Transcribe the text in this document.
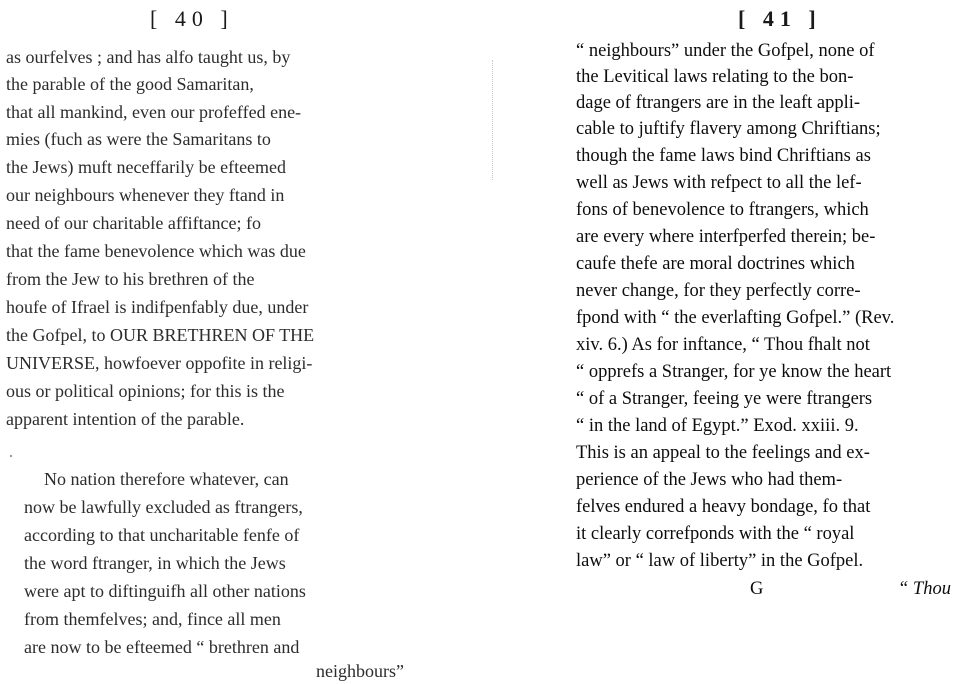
[ 40 ]
as ourfelves ; and has alfo taught us, by
the parable of the good Samaritan,
that all mankind, even our profeffed ene-
mies (fuch as were the Samaritans to
the Jews) muft neceffarily be efteemed
our neighbours whenever they ftand in
need of our charitable affiftance; fo
that the fame benevolence which was due
from the Jew to his brethren of the
houfe of Ifrael is indifpenfably due, under
the Gofpel, to OUR BRETHREN OF THE
UNIVERSE, howfoever oppofite in religi-
ous or political opinions; for this is the
apparent intention of the parable.
No nation therefore whatever, can
now be lawfully excluded as ftrangers,
according to that uncharitable fenfe of
the word ftranger, in which the Jews
were apt to diftinguifh all other nations
from themfelves; and, fince all men
are now to be efteemed “ brethren and
neighbours”
[ 41 ]
“ neighbours” under the Gofpel, none of
the Levitical laws relating to the bon-
dage of ftrangers are in the leaft appli-
cable to juftify flavery among Chriftians;
though the fame laws bind Chriftians as
well as Jews with refpect to all the lef-
fons of benevolence to ftrangers, which
are every where interfperfed therein; be-
caufe thefe are moral doctrines which
never change, for they perfectly corre-
fpond with “ the everlafting Gofpel.” (Rev.
xiv. 6.) As for inftance, “ Thou fhalt not
“ opprefs a Stranger, for ye know the heart
“ of a Stranger, feeing ye were ftrangers
“ in the land of Egypt.” Exod. xxiii. 9.
This is an appeal to the feelings and ex-
perience of the Jews who had them-
felves endured a heavy bondage, fo that
it clearly correfponds with the “ royal
law” or “ law of liberty” in the Gofpel.
G	“ Thou
